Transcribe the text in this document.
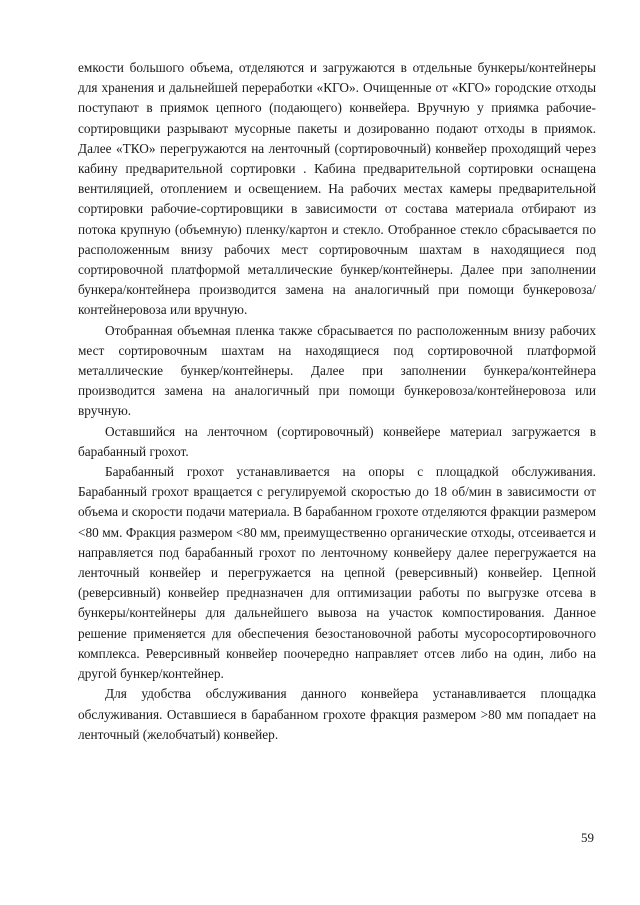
емкости большого объема, отделяются и загружаются в отдельные бункеры/контейнеры для хранения и дальнейшей переработки «КГО». Очищенные от «КГО» городские отходы поступают в приямок цепного (подающего) конвейера. Вручную у приямка рабочие-сортировщики разрывают мусорные пакеты и дозированно подают отходы в приямок. Далее «ТКО» перегружаются на ленточный (сортировочный) конвейер проходящий через кабину предварительной сортировки . Кабина предварительной сортировки оснащена вентиляцией, отоплением и освещением. На рабочих местах камеры предварительной сортировки рабочие-сортировщики в зависимости от состава материала отбирают из потока крупную (объемную) пленку/картон и стекло. Отобранное стекло сбрасывается по расположенным внизу рабочих мест сортировочным шахтам в находящиеся под сортировочной платформой металлические бункер/контейнеры. Далее при заполнении бункера/контейнера производится замена на аналогичный при помощи бункеровоза/контейнеровоза или вручную.

Отобранная объемная пленка также сбрасывается по расположенным внизу рабочих мест сортировочным шахтам на находящиеся под сортировочной платформой металлические бункер/контейнеры. Далее при заполнении бункера/контейнера производится замена на аналогичный при помощи бункеровоза/контейнеровоза или вручную.

Оставшийся на ленточном (сортировочный) конвейере материал загружается в барабанный грохот.

Барабанный грохот устанавливается на опоры с площадкой обслуживания. Барабанный грохот вращается с регулируемой скоростью до 18 об/мин в зависимости от объема и скорости подачи материала. В барабанном грохоте отделяются фракции размером <80 мм. Фракция размером <80 мм, преимущественно органические отходы, отсеивается и направляется под барабанный грохот по ленточному конвейеру далее перегружается на ленточный конвейер и перегружается на цепной (реверсивный) конвейер. Цепной (реверсивный) конвейер предназначен для оптимизации работы по выгрузке отсева в бункеры/контейнеры для дальнейшего вывоза на участок компостирования. Данное решение применяется для обеспечения безостановочной работы мусоросортировочного комплекса. Реверсивный конвейер поочередно направляет отсев либо на один, либо на другой бункер/контейнер.

Для удобства обслуживания данного конвейера устанавливается площадка обслуживания. Оставшиеся в барабанном грохоте фракция размером >80 мм попадает на ленточный (желобчатый) конвейер.

59
